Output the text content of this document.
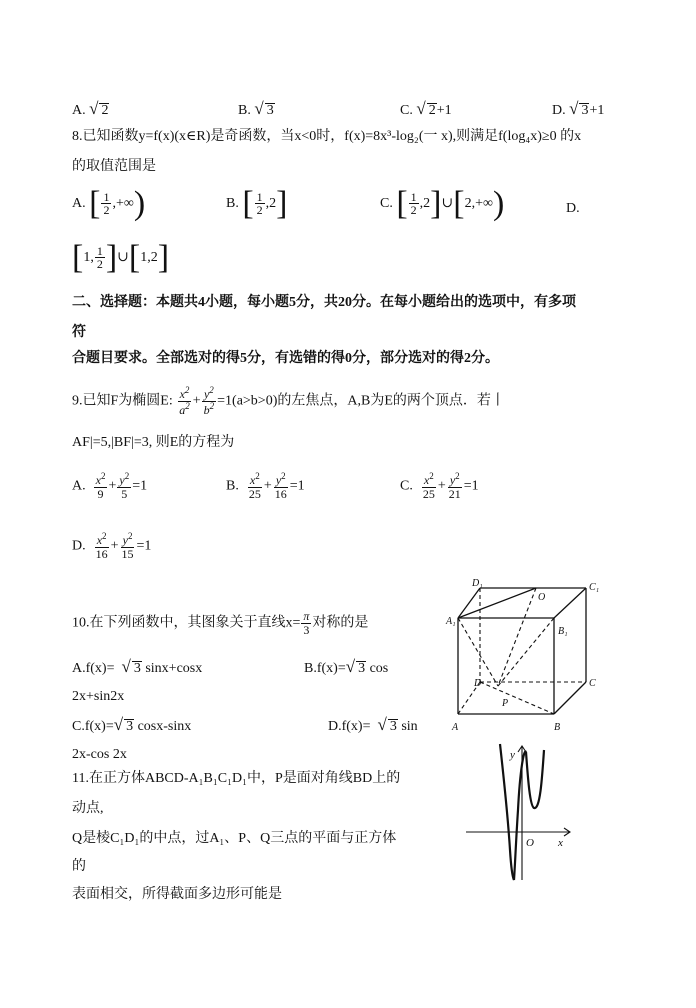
A. √ 2	B. √ 3	C. √ 2+1	D. √ 3+1
8.已知函数y=f(x)(x∈R)是奇函数，当x<0时，f(x)=8x³-log₂(一 x),则满足f(log₄x)≥0 的x
的取值范围是
A. [ $\frac{1}{2}$ ,+∞)	B. [ $\frac{1}{2} ,2$]	C. [ $\frac{1}{2}$ ,2]∪[2,+∞)	D.
[1, $\frac{1}{2}$ ]∪[1,2]
二、选择题：本题共4小题，每小题5分，共20分。在每小题给出的选项中，有多项
符
合题目要求。全部选对的得5分，有选错的得0分，部分选对的得2分。
9.已知F为椭圆E: $\frac{x^2}{a^2} + \frac{y^2}{b^2} =1(a>b>0)$的左焦点，A,B为E的两个顶点．若丨
AF|=5,|BF|=3, 则E的方程为
A. $\frac{x^2}{9} + \frac{y^2}{5} =1$	B. $\frac{x^2}{25} + \frac{y^2}{16} =1$	C. $\frac{x^2}{25} + \frac{y^2}{21} =1$
D. $\frac{x^2}{16} + \frac{y^2}{15} =1$
10.在下列函数中，其图象关于直线$x= \frac{\pi}{3}$ 对称的是
A.f(x)= √ 3 sinx+cosx	B.f(x)=√ 3 cos
2x+sin2x
C.f(x)=√ 3 cosx-sinx	D.f(x)= √ 3 sin
2x-cos 2x
11.在正方体ABCD-A₁B₁C₁D₁中，P是面对角线BD上的
动点,
Q是棱C₁D₁的中点，过A₁、P、Q三点的平面与正方体
的
表面相交，所得截面多边形可能是
D₁
O
C₁
A₁
B₁
D	C
P
A	B
y
O x
